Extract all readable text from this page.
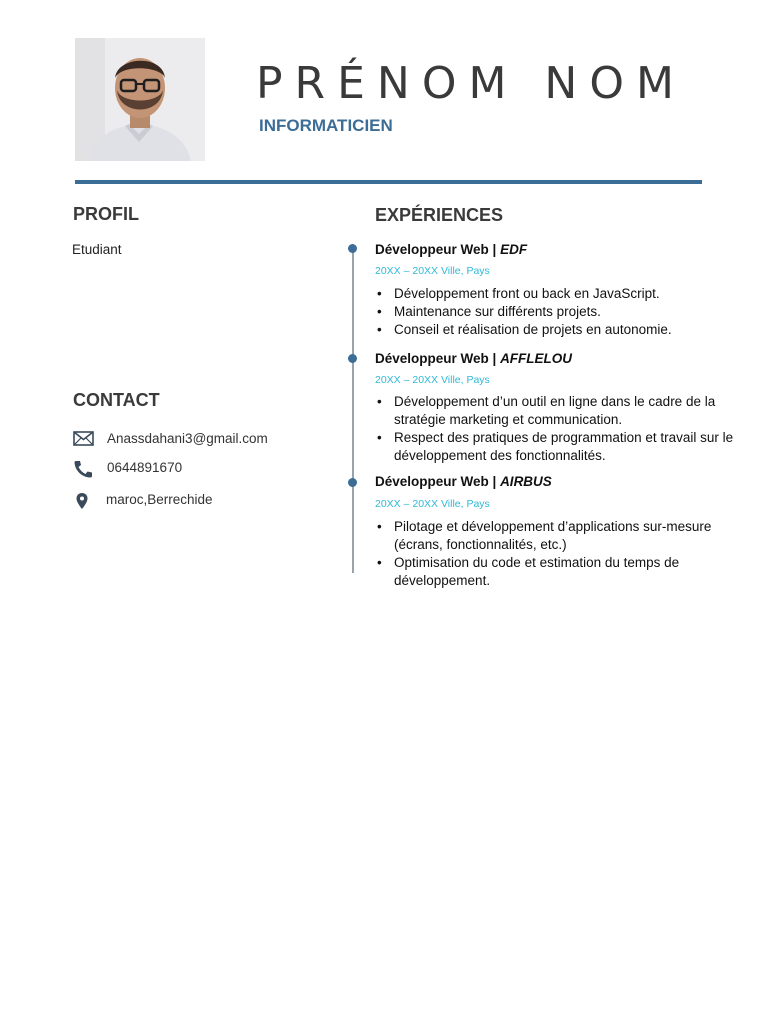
PRÉNOM NOM
INFORMATICIEN
PROFIL
Etudiant
CONTACT
Anassdahani3@gmail.com
0644891670
maroc,Berrechide
EXPÉRIENCES
Développeur Web | EDF
20XX – 20XX Ville, Pays
• Développement front ou back en JavaScript.
• Maintenance sur différents projets.
• Conseil et réalisation de projets en autonomie.
Développeur Web | AFFLELOU
20XX – 20XX Ville, Pays
• Développement d’un outil en ligne dans le cadre de la stratégie marketing et communication.
• Respect des pratiques de programmation et travail sur le développement des fonctionnalités.
Développeur Web | AIRBUS
20XX – 20XX Ville, Pays
• Pilotage et développement d’applications sur-mesure (écrans, fonctionnalités, etc.)
• Optimisation du code et estimation du temps de développement.
